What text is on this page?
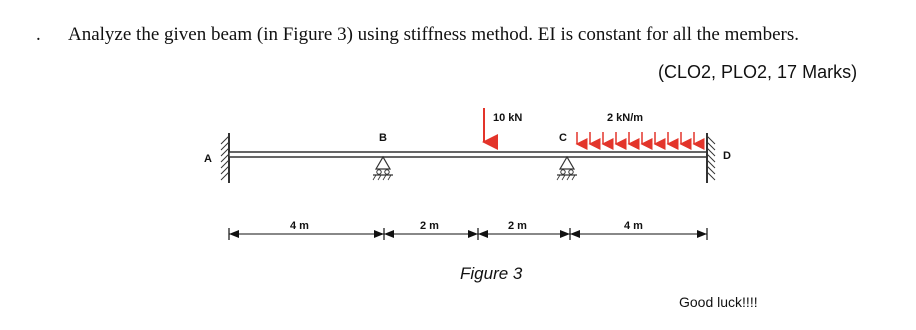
. Analyze the given beam (in Figure 3) using stiffness method. EI is constant for all the members.
(CLO2, PLO2, 17 Marks)
A
B
10 kN
C
2 kN/m
D
4 m	2 m	2 m	4 m
Figure 3
Good luck!!!!
